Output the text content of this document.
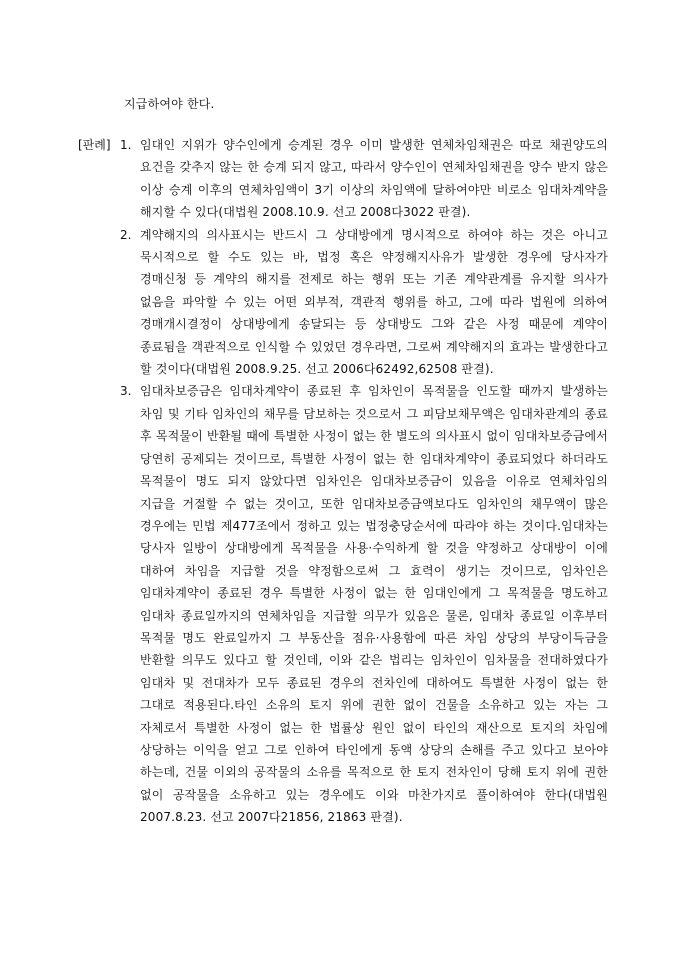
지급하여야 한다.
[판례] 1. 임대인 지위가 양수인에게 승계된 경우 이미 발생한 연체차임채권은 따로 채권양도의 요건을 갖추지 않는 한 승계 되지 않고, 따라서 양수인이 연체차임채권을 양수 받지 않은 이상 승계 이후의 연체차임액이 3기 이상의 차임액에 달하여야만 비로소 임대차계약을 해지할 수 있다(대법원 2008.10.9. 선고 2008다3022 판결).
2. 계약해지의 의사표시는 반드시 그 상대방에게 명시적으로 하여야 하는 것은 아니고 묵시적으로 할 수도 있는 바, 법정 혹은 약정해지사유가 발생한 경우에 당사자가 경매신청 등 계약의 해지를 전제로 하는 행위 또는 기존 계약관계를 유지할 의사가 없음을 파악할 수 있는 어떤 외부적, 객관적 행위를 하고, 그에 따라 법원에 의하여 경매개시결정이 상대방에게 송달되는 등 상대방도 그와 같은 사정 때문에 계약이 종료됨을 객관적으로 인식할 수 있었던 경우라면, 그로써 계약해지의 효과는 발생한다고 할 것이다(대법원 2008.9.25. 선고 2006다62492,62508 판결).
3. 임대차보증금은 임대차계약이 종료된 후 임차인이 목적물을 인도할 때까지 발생하는 차임 및 기타 임차인의 채무를 담보하는 것으로서 그 피담보채무액은 임대차관계의 종료 후 목적물이 반환될 때에 특별한 사정이 없는 한 별도의 의사표시 없이 임대차보증금에서 당연히 공제되는 것이므로, 특별한 사정이 없는 한 임대차계약이 종료되었다 하더라도 목적물이 명도 되지 않았다면 임차인은 임대차보증금이 있음을 이유로 연체차임의 지급을 거절할 수 없는 것이고, 또한 임대차보증금액보다도 임차인의 채무액이 많은 경우에는 민법 제477조에서 정하고 있는 법정충당순서에 따라야 하는 것이다.임대차는 당사자 일방이 상대방에게 목적물을 사용·수익하게 할 것을 약정하고 상대방이 이에 대하여 차임을 지급할 것을 약정함으로써 그 효력이 생기는 것이므로, 임차인은 임대차계약이 종료된 경우 특별한 사정이 없는 한 임대인에게 그 목적물을 명도하고 임대차 종료일까지의 연체차임을 지급할 의무가 있음은 물론, 임대차 종료일 이후부터 목적물 명도 완료일까지 그 부동산을 점유·사용함에 따른 차임 상당의 부당이득금을 반환할 의무도 있다고 할 것인데, 이와 같은 법리는 임차인이 임차물을 전대하였다가 임대차 및 전대차가 모두 종료된 경우의 전차인에 대하여도 특별한 사정이 없는 한 그대로 적용된다.타인 소유의 토지 위에 권한 없이 건물을 소유하고 있는 자는 그 자체로서 특별한 사정이 없는 한 법률상 원인 없이 타인의 재산으로 토지의 차임에 상당하는 이익을 얻고 그로 인하여 타인에게 동액 상당의 손해를 주고 있다고 보아야 하는데, 건물 이외의 공작물의 소유를 목적으로 한 토지 전차인이 당해 토지 위에 권한 없이 공작물을 소유하고 있는 경우에도 이와 마찬가지로 풀이하여야 한다(대법원 2007.8.23. 선고 2007다21856, 21863 판결).
